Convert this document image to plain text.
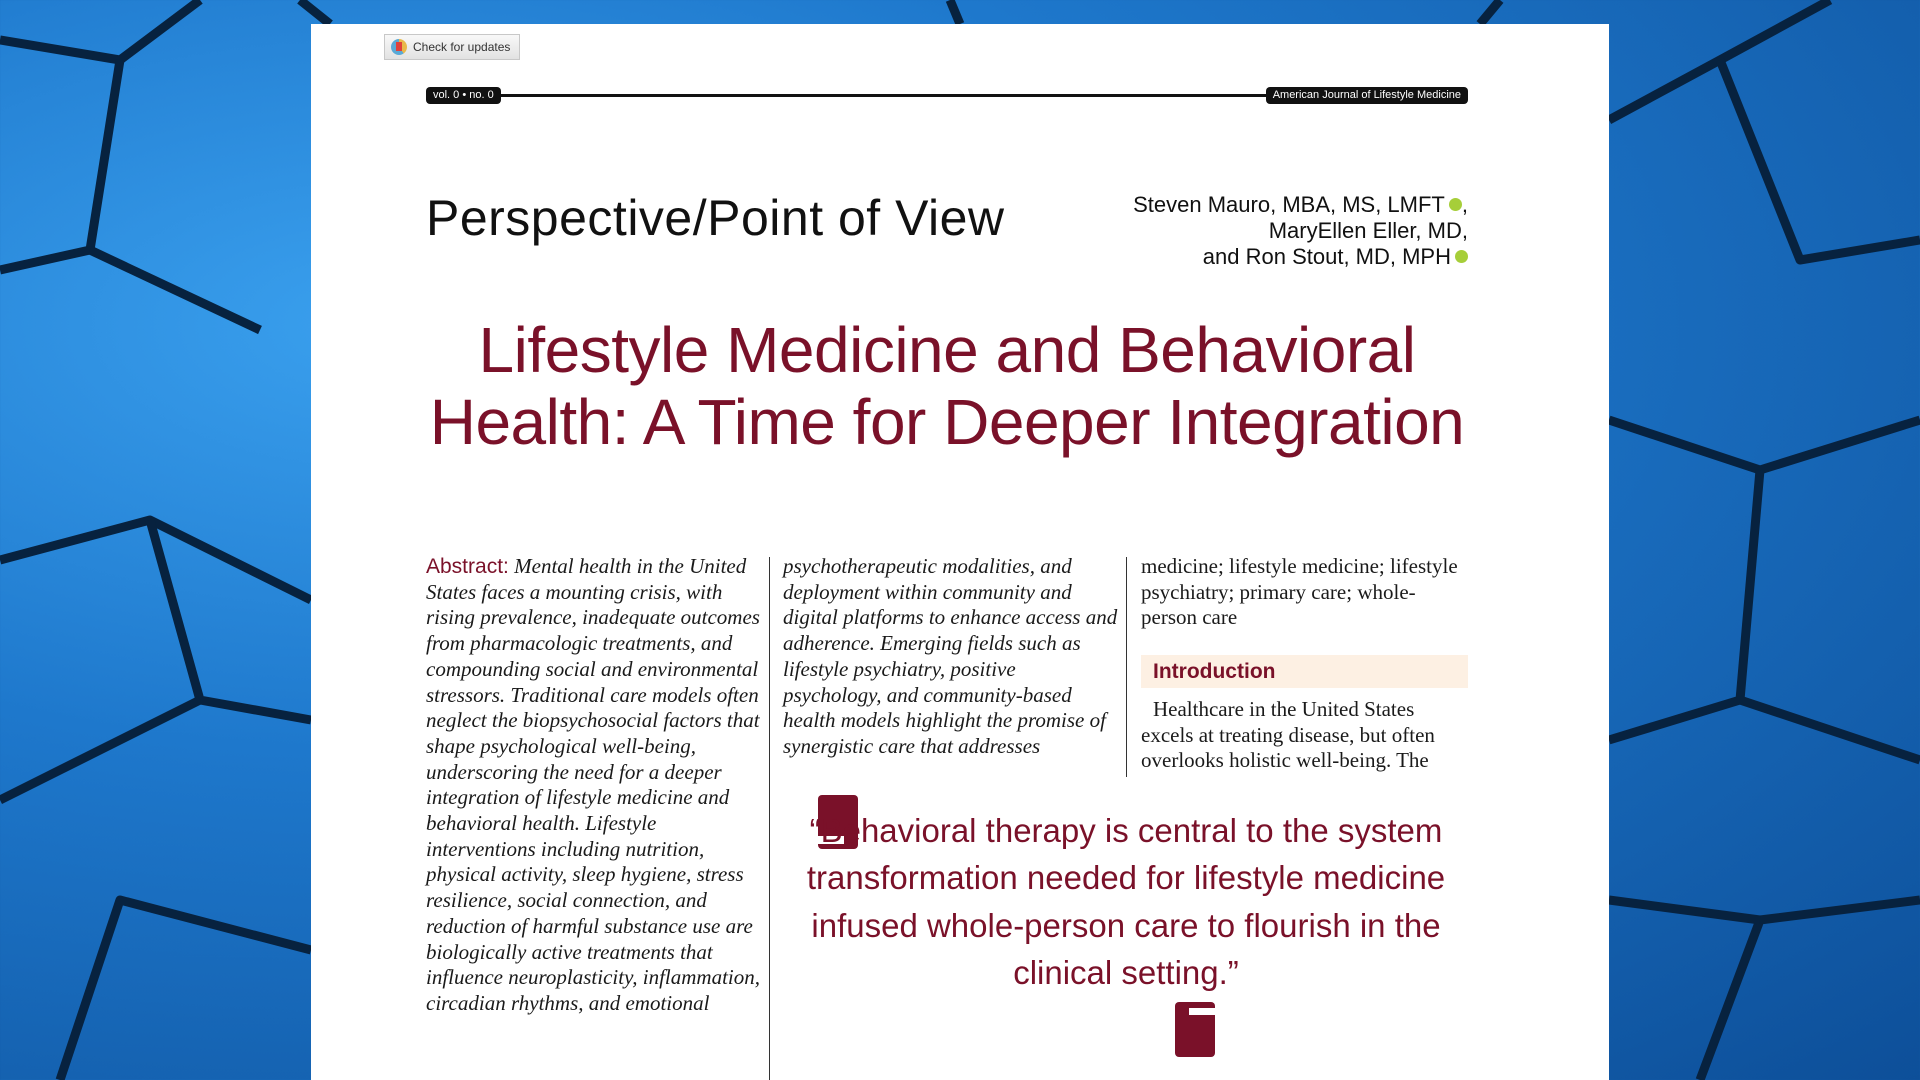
Check for updates
vol. 0 • no. 0	American Journal of Lifestyle Medicine
Perspective/Point of View	Steven Mauro, MBA, MS, LMFT ,
MaryEllen Eller, MD,
and Ron Stout, MD, MPH
Lifestyle Medicine and Behavioral Health: A Time for Deeper Integration
Abstract: Mental health in the United States faces a mounting crisis, with rising prevalence, inadequate outcomes from pharmacologic treatments, and compounding social and environmental stressors. Traditional care models often neglect the biopsychosocial factors that shape psychological well-being, underscoring the need for a deeper integration of lifestyle medicine and behavioral health. Lifestyle interventions including nutrition, physical activity, sleep hygiene, stress resilience, social connection, and reduction of harmful substance use are biologically active treatments that influence neuroplasticity, inflammation, circadian rhythms, and emotional
psychotherapeutic modalities, and deployment within community and digital platforms to enhance access and adherence. Emerging fields such as lifestyle psychiatry, positive psychology, and community-based health models highlight the promise of synergistic care that addresses
medicine; lifestyle medicine; lifestyle psychiatry; primary care; whole-person care
Introduction
Healthcare in the United States excels at treating disease, but often overlooks holistic well-being. The
“Behavioral therapy is central to the system transformation needed for lifestyle medicine infused whole-person care to flourish in the clinical setting.”
